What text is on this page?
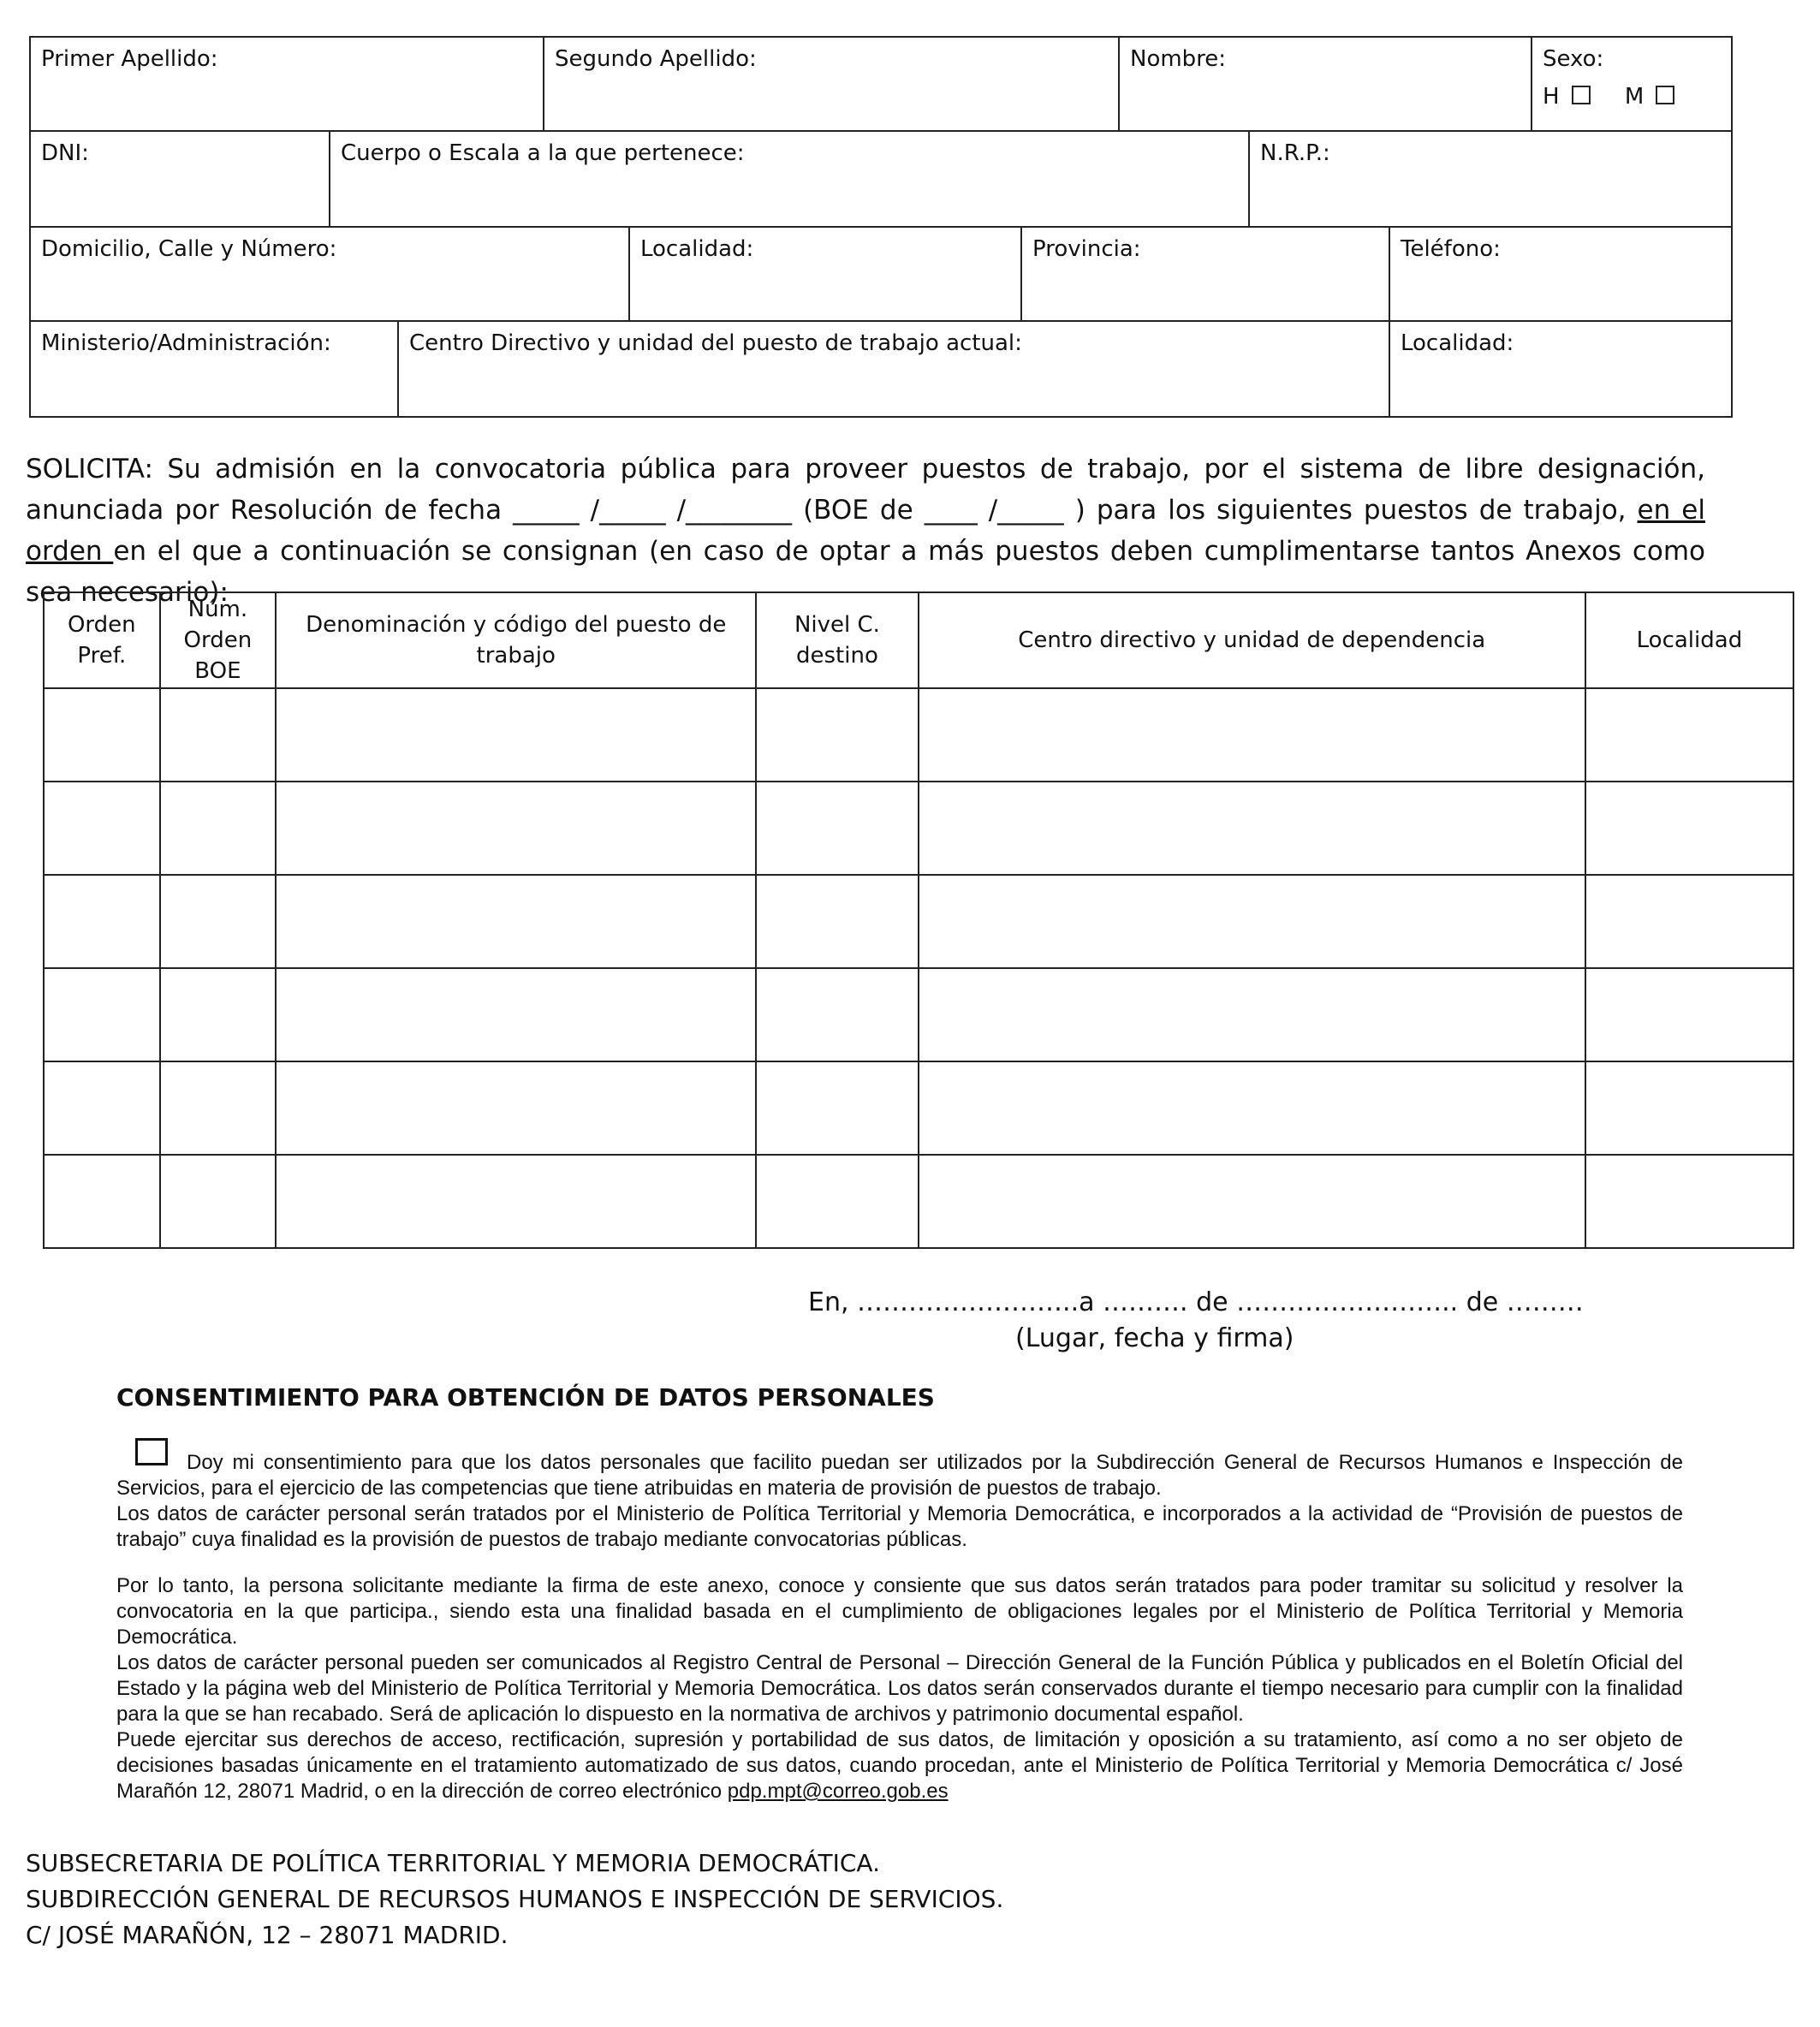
Primer Apellido:	Segundo Apellido:	Nombre:	Sexo:
H	M
DNI:	Cuerpo o Escala a la que pertenece:	N.R.P.:
Domicilio, Calle y Número:	Localidad:	Provincia:	Teléfono:
Ministerio/Administración:	Centro Directivo y unidad del puesto de trabajo actual:	Localidad:
SOLICITA: Su admisión en la convocatoria pública para proveer puestos de trabajo, por el sistema de libre designación, anunciada por Resolución de fecha _____ /_____ /________ (BOE de ____ /_____ ) para los siguientes puestos de trabajo, en el orden en el que a continuación se consignan (en caso de optar a más puestos deben cumplimentarse tantos Anexos como sea necesario):
Orden Pref.	Núm. Orden BOE	Denominación y código del puesto de trabajo	Nivel C. destino	Centro directivo y unidad de dependencia	Localidad

En, ……………………..a ………. de …………………….. de ………
(Lugar, fecha y firma)
CONSENTIMIENTO PARA OBTENCIÓN DE DATOS PERSONALES

Doy mi consentimiento para que los datos personales que facilito puedan ser utilizados por la Subdirección General de Recursos Humanos e Inspección de Servicios, para el ejercicio de las competencias que tiene atribuidas en materia de provisión de puestos de trabajo.

Los datos de carácter personal serán tratados por el Ministerio de Política Territorial y Memoria Democrática, e incorporados a la actividad de “Provisión de puestos de trabajo” cuya finalidad es la provisión de puestos de trabajo mediante convocatorias públicas.

Por lo tanto, la persona solicitante mediante la firma de este anexo, conoce y consiente que sus datos serán tratados para poder tramitar su solicitud y resolver la convocatoria en la que participa., siendo esta una finalidad basada en el cumplimiento de obligaciones legales por el Ministerio de Política Territorial y Memoria Democrática.

Los datos de carácter personal pueden ser comunicados al Registro Central de Personal – Dirección General de la Función Pública y publicados en el Boletín Oficial del Estado y la página web del Ministerio de Política Territorial y Memoria Democrática. Los datos serán conservados durante el tiempo necesario para cumplir con la finalidad para la que se han recabado. Será de aplicación lo dispuesto en la normativa de archivos y patrimonio documental español.

Puede ejercitar sus derechos de acceso, rectificación, supresión y portabilidad de sus datos, de limitación y oposición a su tratamiento, así como a no ser objeto de decisiones basadas únicamente en el tratamiento automatizado de sus datos, cuando procedan, ante el Ministerio de Política Territorial y Memoria Democrática c/ José Marañón 12, 28071 Madrid, o en la dirección de correo electrónico pdp.mpt@correo.gob.es

SUBSECRETARIA DE POLÍTICA TERRITORIAL Y MEMORIA DEMOCRÁTICA.
SUBDIRECCIÓN GENERAL DE RECURSOS HUMANOS E INSPECCIÓN DE SERVICIOS.
C/ JOSÉ MARAÑÓN, 12 – 28071 MADRID.
